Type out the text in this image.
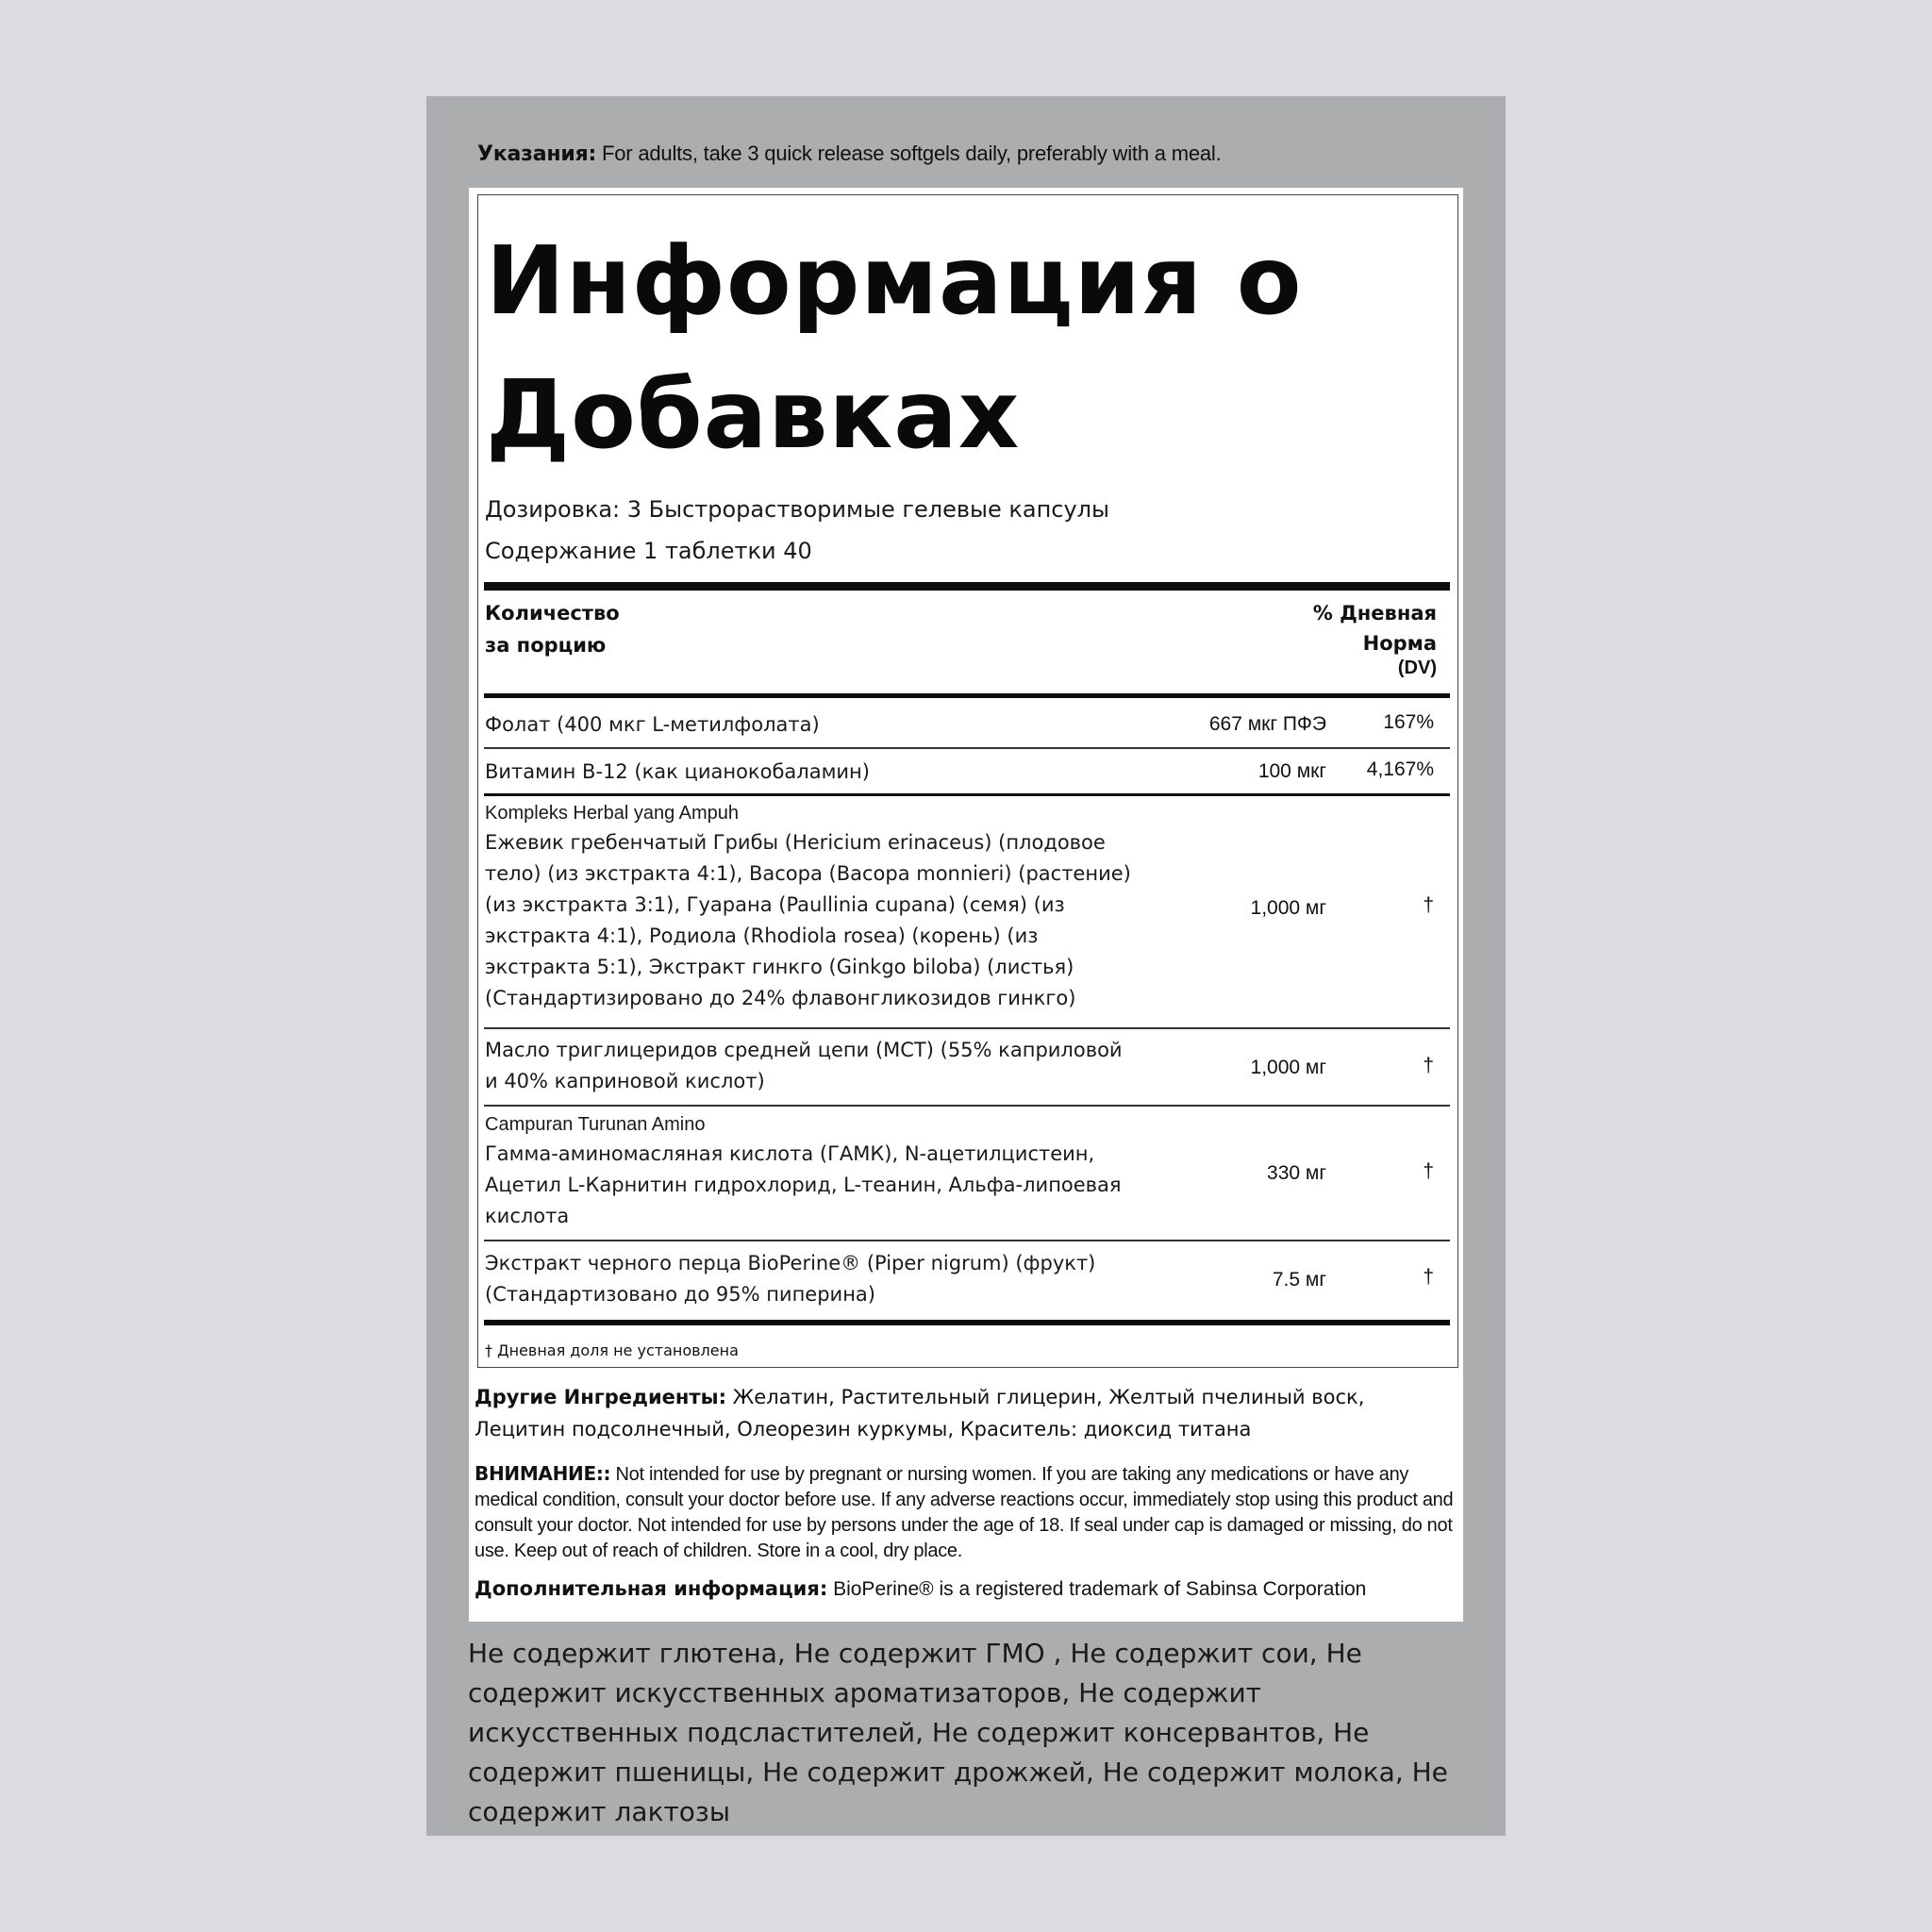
Указания: For adults, take 3 quick release softgels daily, preferably with a meal.
Информация о Добавках
Дозировка: 3 Быстрорастворимые гелевые капсулы
Содержание 1 таблетки 40
Количество
за порцию
% Дневная
Норма
(DV)
Фолат (400 мкг L-метилфолата)	667 мкг ПФЭ	167%
Витамин B-12 (как цианокобаламин)	100 мкг 4,167%
Kompleks Herbal yang Ampuh
Ежевик гребенчатый Грибы (Hericium erinaceus) (плодовое тело) (из экстракта 4:1), Bacopa (Bacopa monnieri) (растение) (из экстракта 3:1), Гуарана (Paullinia cupana) (семя) (из экстракта 4:1), Родиола (Rhodiola rosea) (корень) (из экстракта 5:1), Экстракт гинкго (Ginkgo biloba) (листья) (Стандартизировано до 24% флавонгликозидов гинкго)
1,000 мг	†
Масло триглицеридов средней цепи (MCT) (55% каприловой и 40% каприновой кислот)
1,000 мг	†
Campuran Turunan Amino
Гамма-аминомасляная кислота (ГАМК), N-ацетилцистеин, Ацетил L-Карнитин гидрохлорид, L-теанин, Альфа-липоевая кислота
330 мг	†
Экстракт черного перца BioPerine® (Piper nigrum) (фрукт) (Стандартизовано до 95% пиперина)
7.5 мг	†
† Дневная доля не установлена
Другие Ингредиенты: Желатин, Растительный глицерин, Желтый пчелиный воск, Лецитин подсолнечный, Олеорезин куркумы, Краситель: диоксид титана
ВНИМАНИЕ:: Not intended for use by pregnant or nursing women. If you are taking any medications or have any medical condition, consult your doctor before use. If any adverse reactions occur, immediately stop using this product and consult your doctor. Not intended for use by persons under the age of 18. If seal under cap is damaged or missing, do not use. Keep out of reach of children. Store in a cool, dry place.
Дополнительная информация: BioPerine® is a registered trademark of Sabinsa Corporation
Не содержит глютена, Не содержит ГМО , Не содержит сои, Не содержит искусственных ароматизаторов, Не содержит искусственных подсластителей, Не содержит консервантов, Не содержит пшеницы, Не содержит дрожжей, Не содержит молока, Не содержит лактозы
